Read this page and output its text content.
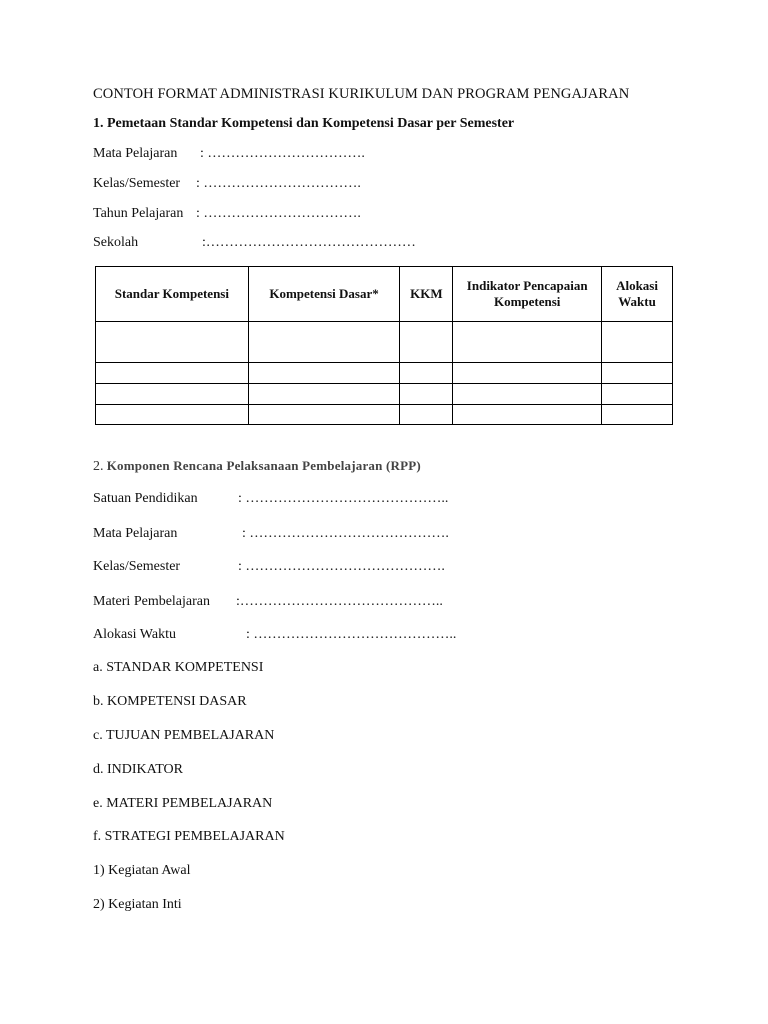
CONTOH FORMAT ADMINISTRASI KURIKULUM DAN PROGRAM PENGAJARAN
1. Pemetaan Standar Kompetensi dan Kompetensi Dasar per Semester
Mata Pelajaran : …………………………….
Kelas/Semester : …………………………….
Tahun Pelajaran : …………………………….
Sekolah	:………………………………………
Standar Kompetensi	Kompetensi Dasar*	KKM	Indikator Pencapaian Kompetensi	Alokasi Waktu

2. Komponen Rencana Pelaksanaan Pembelajaran (RPP)
Satuan Pendidikan	: ……………………………………..
Mata Pelajaran	: …………………………………….
Kelas/Semester	: …………………………………….
Materi Pembelajaran :……………………………………..
Alokasi Waktu	: ……………………………………..
a. STANDAR KOMPETENSI
b. KOMPETENSI DASAR
c. TUJUAN PEMBELAJARAN
d. INDIKATOR
e. MATERI PEMBELAJARAN
f. STRATEGI PEMBELAJARAN
1) Kegiatan Awal
2) Kegiatan Inti
